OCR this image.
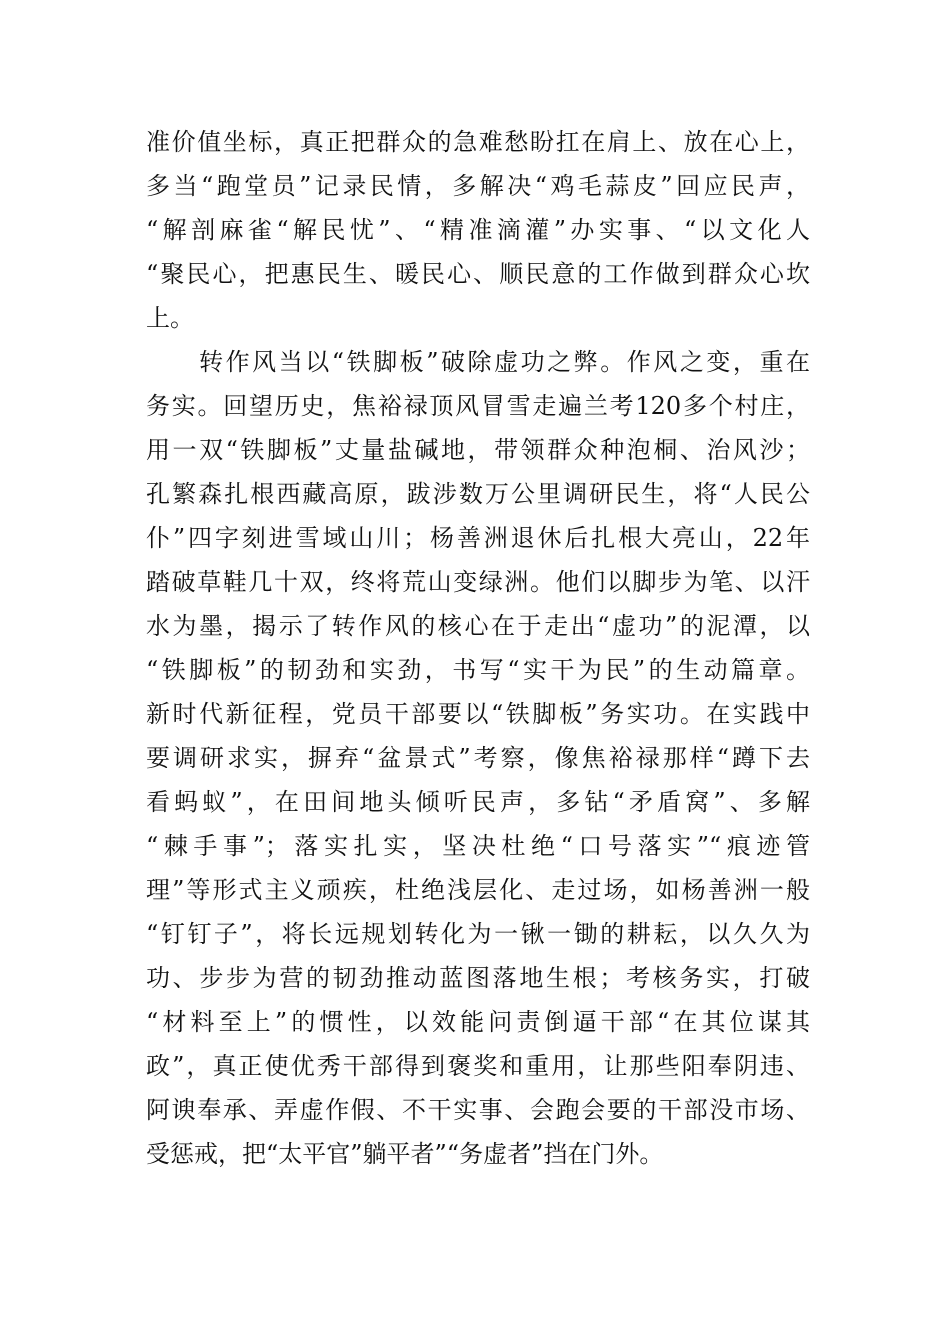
准价值坐标，真正把群众的急难愁盼扛在肩上、放在心上，
多当“跑堂员”记录民情，多解决“鸡毛蒜皮”回应民声，
“解剖麻雀“解民忧”、“精准滴灌”办实事、“以文化人
“聚民心，把惠民生、暖民心、顺民意的工作做到群众心坎
上。
　　转作风当以“铁脚板”破除虚功之弊。作风之变，重在
务实。回望历史，焦裕禄顶风冒雪走遍兰考120多个村庄，
用一双“铁脚板”丈量盐碱地，带领群众种泡桐、治风沙；
孔繁森扎根西藏高原，跋涉数万公里调研民生，将“人民公
仆”四字刻进雪域山川；杨善洲退休后扎根大亮山，22年
踏破草鞋几十双，终将荒山变绿洲。他们以脚步为笔、以汗
水为墨，揭示了转作风的核心在于走出“虚功”的泥潭，以
“铁脚板”的韧劲和实劲，书写“实干为民”的生动篇章。
新时代新征程，党员干部要以“铁脚板”务实功。在实践中
要调研求实，摒弃“盆景式”考察，像焦裕禄那样“蹲下去
看蚂蚁”，在田间地头倾听民声，多钻“矛盾窝”、多解
“棘手事”；落实扎实，坚决杜绝“口号落实”“痕迹管
理”等形式主义顽疾，杜绝浅层化、走过场，如杨善洲一般
“钉钉子”，将长远规划转化为一锹一锄的耕耘，以久久为
功、步步为营的韧劲推动蓝图落地生根；考核务实，打破
“材料至上”的惯性，以效能问责倒逼干部“在其位谋其
政”，真正使优秀干部得到褒奖和重用，让那些阳奉阴违、
阿谀奉承、弄虚作假、不干实事、会跑会要的干部没市场、
受惩戒，把“太平官”躺平者”“务虚者”挡在门外。
